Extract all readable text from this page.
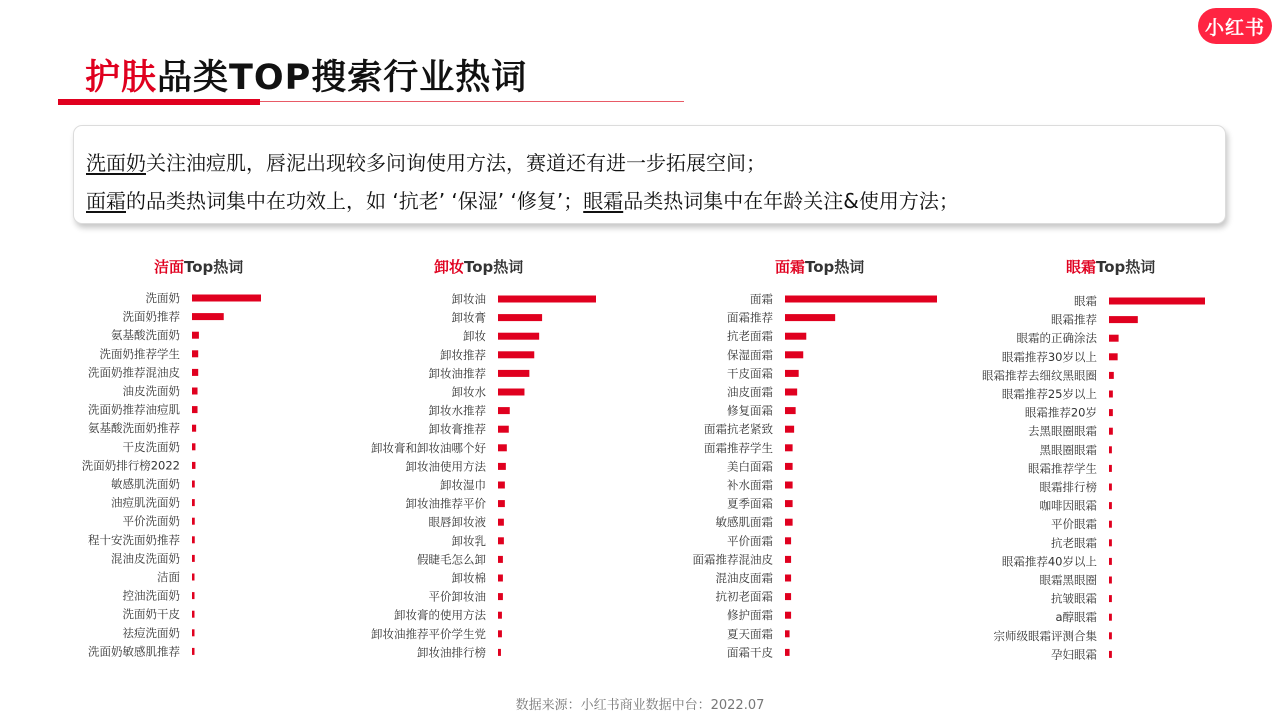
护肤品类TOP搜索行业热词
小红书

洗面奶关注油痘肌，唇泥出现较多问询使用方法，赛道还有进一步拓展空间；

面霜的品类热词集中在功效上，如 ‘抗老’ ‘保湿’ ‘修复’；眼霜品类热词集中在年龄关注&使用方法；

洁面Top热词
洗面奶
洗面奶推荐
氨基酸洗面奶
洗面奶推荐学生
洗面奶推荐混油皮
油皮洗面奶
洗面奶推荐油痘肌
氨基酸洗面奶推荐
干皮洗面奶
洗面奶排行榜2022
敏感肌洗面奶
油痘肌洗面奶
平价洗面奶
程十安洗面奶推荐
混油皮洗面奶
洁面
控油洗面奶
洗面奶干皮
祛痘洗面奶
洗面奶敏感肌推荐
卸妆Top热词
卸妆油
卸妆膏
卸妆
卸妆推荐
卸妆油推荐
卸妆水
卸妆水推荐
卸妆膏推荐
卸妆膏和卸妆油哪个好
卸妆油使用方法
卸妆湿巾
卸妆油推荐平价
眼唇卸妆液
卸妆乳
假睫毛怎么卸
卸妆棉
平价卸妆油
卸妆膏的使用方法
卸妆油推荐平价学生党
卸妆油排行榜
面霜Top热词
面霜
面霜推荐
抗老面霜
保湿面霜
干皮面霜
油皮面霜
修复面霜
面霜抗老紧致
面霜推荐学生
美白面霜
补水面霜
夏季面霜
敏感肌面霜
平价面霜
面霜推荐混油皮
混油皮面霜
抗初老面霜
修护面霜
夏天面霜
面霜干皮
眼霜Top热词
眼霜
眼霜推荐
眼霜的正确涂法
眼霜推荐30岁以上
眼霜推荐去细纹黑眼圈
眼霜推荐25岁以上
眼霜推荐20岁
去黑眼圈眼霜
黑眼圈眼霜
眼霜推荐学生
眼霜排行榜
咖啡因眼霜
平价眼霜
抗老眼霜
眼霜推荐40岁以上
眼霜黑眼圈
抗皱眼霜
a醇眼霜
宗师级眼霜评测合集
孕妇眼霜
数据来源：小红书商业数据中台：2022.07
